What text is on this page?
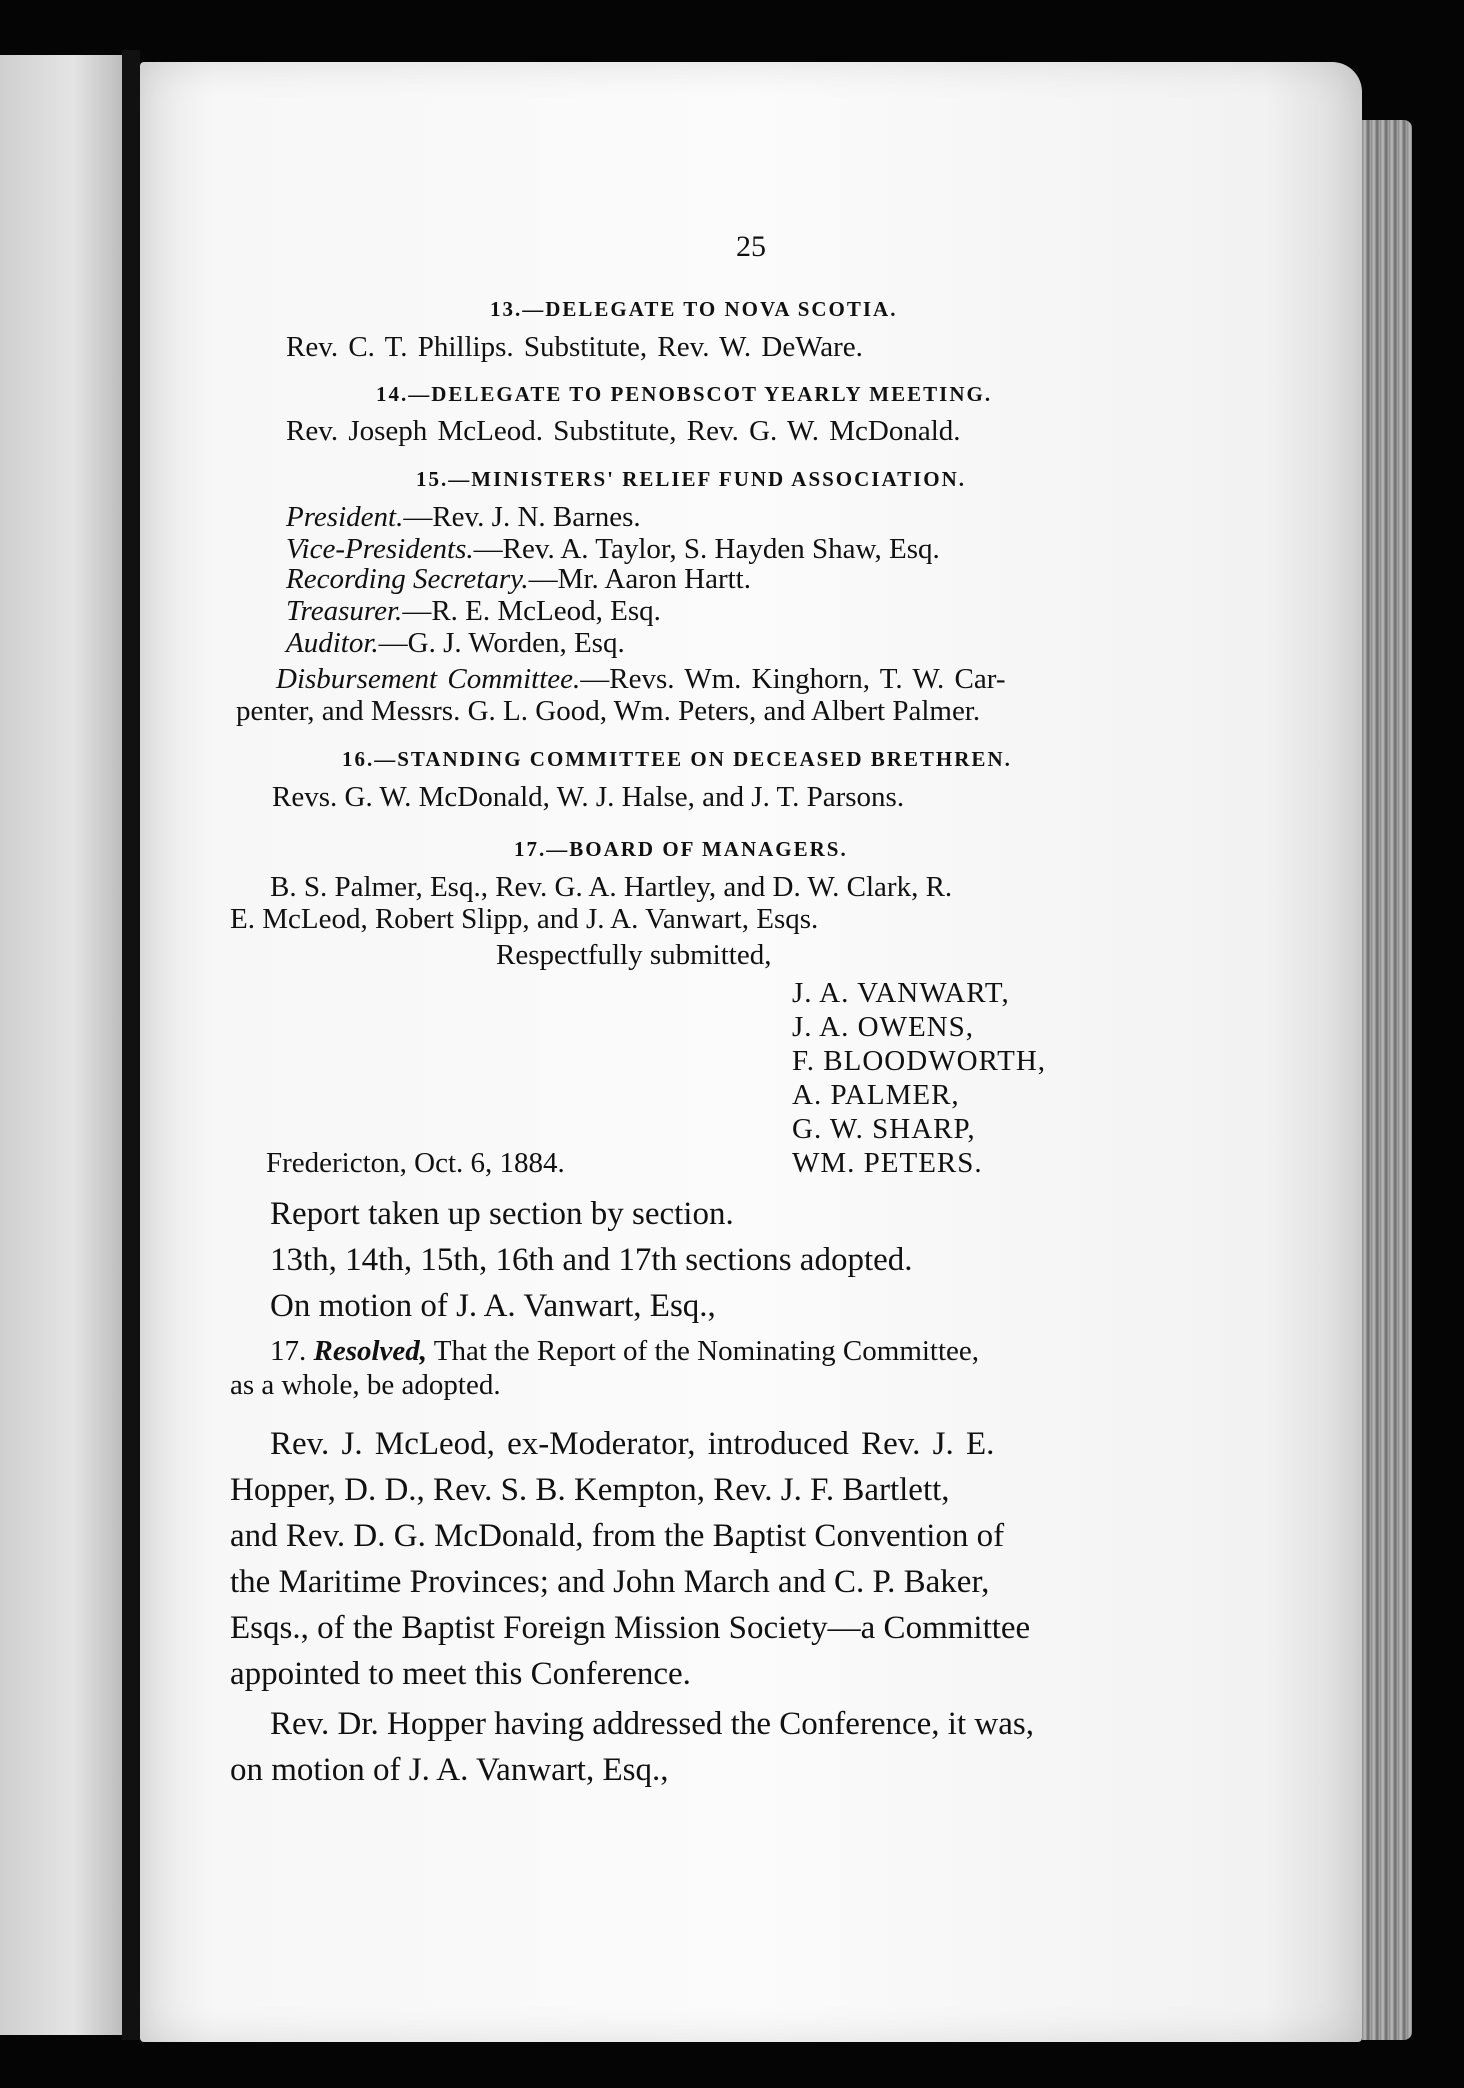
25
13.—DELEGATE TO NOVA SCOTIA.
Rev. C. T. Phillips. Substitute, Rev. W. DeWare.
14.—DELEGATE TO PENOBSCOT YEARLY MEETING.
Rev. Joseph McLeod. Substitute, Rev. G. W. McDonald.
15.—MINISTERS' RELIEF FUND ASSOCIATION.
President.—Rev. J. N. Barnes.
Vice-Presidents.—Rev. A. Taylor, S. Hayden Shaw, Esq.
Recording Secretary.—Mr. Aaron Hartt.
Treasurer.—R. E. McLeod, Esq.
Auditor.—G. J. Worden, Esq.
Disbursement Committee.—Revs. Wm. Kinghorn, T. W. Car-
penter, and Messrs. G. L. Good, Wm. Peters, and Albert Palmer.
16.—STANDING COMMITTEE ON DECEASED BRETHREN.
Revs. G. W. McDonald, W. J. Halse, and J. T. Parsons.
17.—BOARD OF MANAGERS.
B. S. Palmer, Esq., Rev. G. A. Hartley, and D. W. Clark, R.
E. McLeod, Robert Slipp, and J. A. Vanwart, Esqs.
Respectfully submitted,
J. A. VANWART,
J. A. OWENS,
F. BLOODWORTH,
A. PALMER,
G. W. SHARP,
Fredericton, Oct. 6, 1884.	WM. PETERS.
Report taken up section by section.
13th, 14th, 15th, 16th and 17th sections adopted.
On motion of J. A. Vanwart, Esq.,
17. Resolved, That the Report of the Nominating Committee,
as a whole, be adopted.
Rev. J. McLeod, ex-Moderator, introduced Rev. J. E.
Hopper, D. D., Rev. S. B. Kempton, Rev. J. F. Bartlett,
and Rev. D. G. McDonald, from the Baptist Convention of
the Maritime Provinces; and John March and C. P. Baker,
Esqs., of the Baptist Foreign Mission Society—a Committee
appointed to meet this Conference.
Rev. Dr. Hopper having addressed the Conference, it was,
on motion of J. A. Vanwart, Esq.,
